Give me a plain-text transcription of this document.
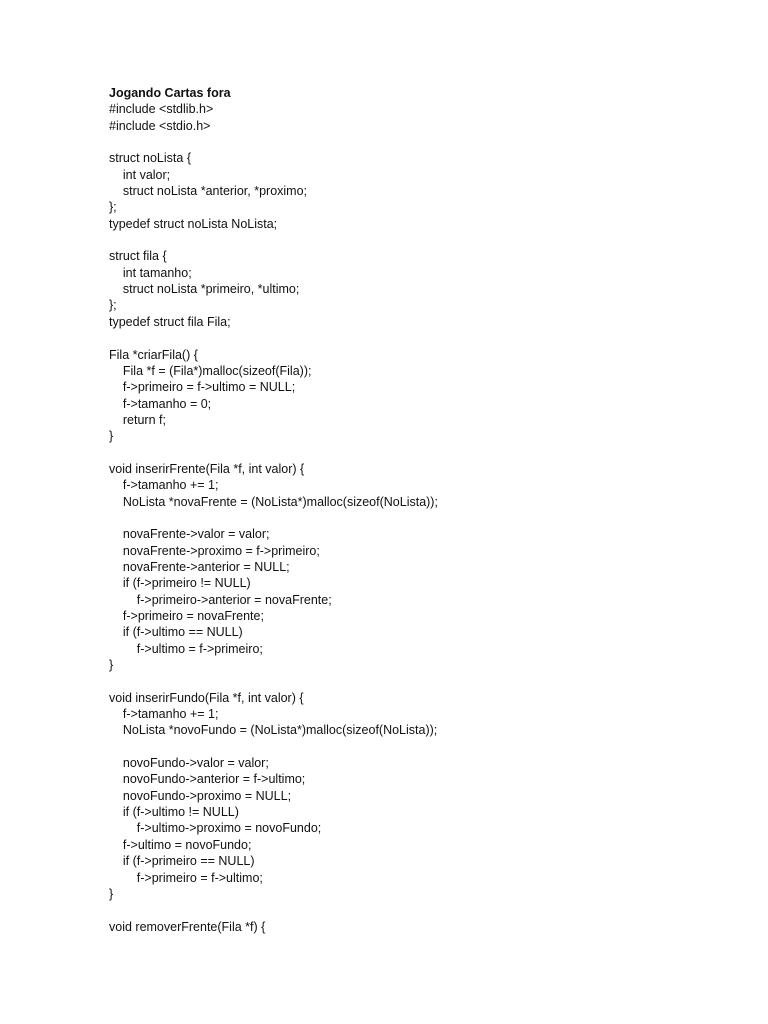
Jogando Cartas fora
#include <stdlib.h>
#include <stdio.h>
struct noLista {
int valor;
struct noLista *anterior, *proximo;
};
typedef struct noLista NoLista;
struct fila {
int tamanho;
struct noLista *primeiro, *ultimo;
};
typedef struct fila Fila;
Fila *criarFila() {
Fila *f = (Fila*)malloc(sizeof(Fila));
f->primeiro = f->ultimo = NULL;
f->tamanho = 0;
return f;
}
void inserirFrente(Fila *f, int valor) {
f->tamanho += 1;
NoLista *novaFrente = (NoLista*)malloc(sizeof(NoLista));
novaFrente->valor = valor;
novaFrente->proximo = f->primeiro;
novaFrente->anterior = NULL;
if (f->primeiro != NULL)
f->primeiro->anterior = novaFrente;
f->primeiro = novaFrente;
if (f->ultimo == NULL)
f->ultimo = f->primeiro;
}
void inserirFundo(Fila *f, int valor) {
f->tamanho += 1;
NoLista *novoFundo = (NoLista*)malloc(sizeof(NoLista));
novoFundo->valor = valor;
novoFundo->anterior = f->ultimo;
novoFundo->proximo = NULL;
if (f->ultimo != NULL)
f->ultimo->proximo = novoFundo;
f->ultimo = novoFundo;
if (f->primeiro == NULL)
f->primeiro = f->ultimo;
}
void removerFrente(Fila *f) {
